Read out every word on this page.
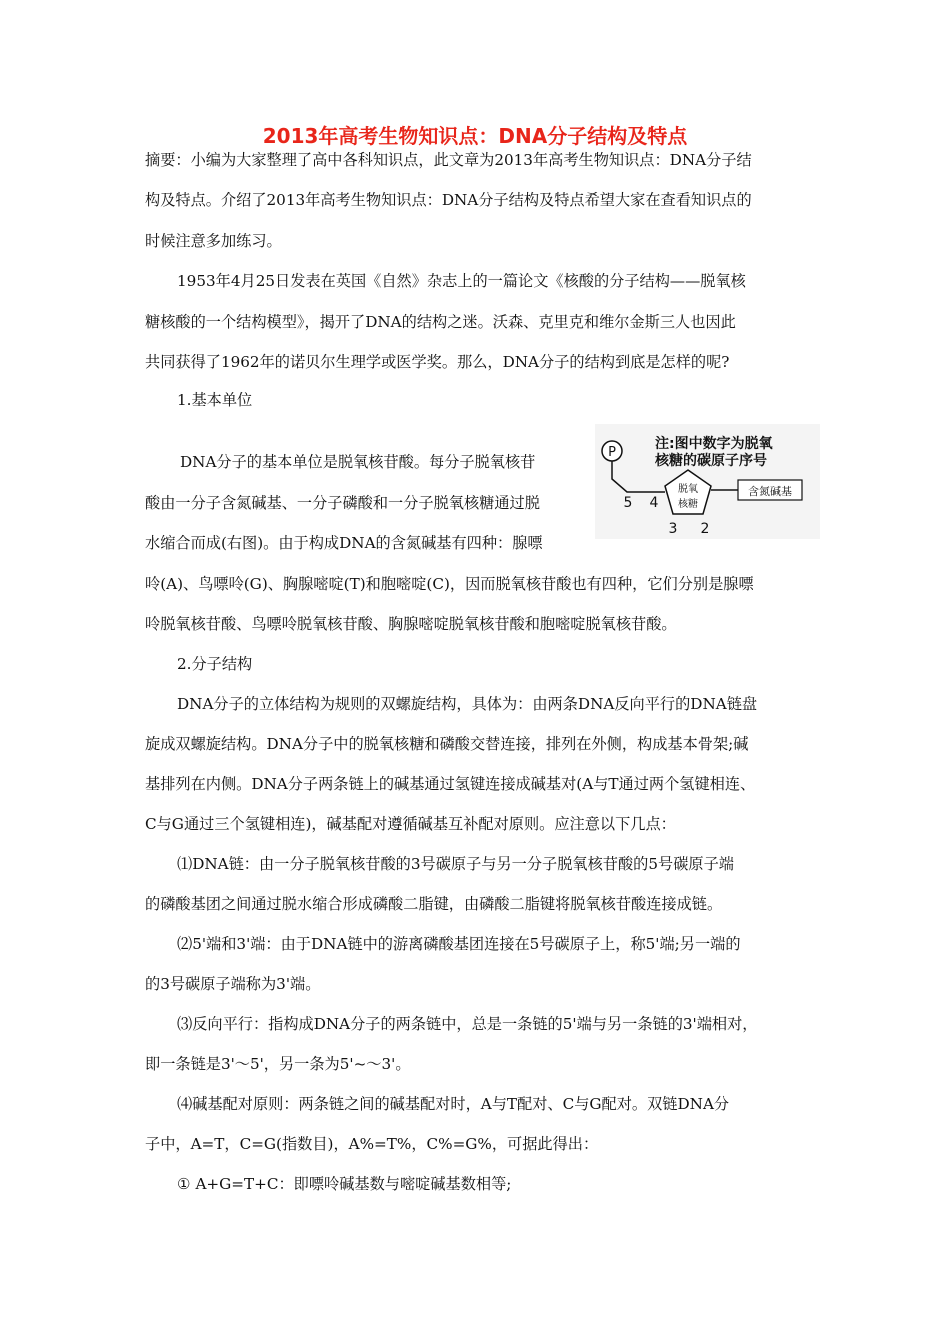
2013年高考生物知识点：DNA分子结构及特点
摘要：小编为大家整理了高中各科知识点，此文章为2013年高考生物知识点：DNA分子结
构及特点。介绍了2013年高考生物知识点：DNA分子结构及特点希望大家在查看知识点的
时候注意多加练习。
1953年4月25日发表在英国《自然》杂志上的一篇论文《核酸的分子结构——脱氧核
糖核酸的一个结构模型》，揭开了DNA的结构之迷。沃森、克里克和维尔金斯三人也因此
共同获得了1962年的诺贝尔生理学或医学奖。那么，DNA分子的结构到底是怎样的呢?
1.基本单位
DNA分子的基本单位是脱氧核苷酸。每分子脱氧核苷
酸由一分子含氮碱基、一分子磷酸和一分子脱氧核糖通过脱
水缩合而成(右图)。由于构成DNA的含氮碱基有四种：腺嘌
呤(A)、鸟嘌呤(G)、胸腺嘧啶(T)和胞嘧啶(C)，因而脱氧核苷酸也有四种，它们分别是腺嘌
呤脱氧核苷酸、鸟嘌呤脱氧核苷酸、胸腺嘧啶脱氧核苷酸和胞嘧啶脱氧核苷酸。
2.分子结构
DNA分子的立体结构为规则的双螺旋结构，具体为：由两条DNA反向平行的DNA链盘
旋成双螺旋结构。DNA分子中的脱氧核糖和磷酸交替连接，排列在外侧，构成基本骨架;碱
基排列在内侧。DNA分子两条链上的碱基通过氢键连接成碱基对(A与T通过两个氢键相连、
C与G通过三个氢键相连)，碱基配对遵循碱基互补配对原则。应注意以下几点：
⑴DNA链：由一分子脱氧核苷酸的3号碳原子与另一分子脱氧核苷酸的5号碳原子端
的磷酸基团之间通过脱水缩合形成磷酸二脂键，由磷酸二脂键将脱氧核苷酸连接成链。
⑵5'端和3'端：由于DNA链中的游离磷酸基团连接在5号碳原子上，称5'端;另一端的
的3号碳原子端称为3'端。
⑶反向平行：指构成DNA分子的两条链中，总是一条链的5'端与另一条链的3'端相对，
即一条链是3'～5'，另一条为5'~～3'。
⑷碱基配对原则：两条链之间的碱基配对时，A与T配对、C与G配对。双链DNA分
子中，A=T，C=G(指数目)，A%=T%，C%=G%，可据此得出：
① A+G=T+C：即嘌呤碱基数与嘧啶碱基数相等;
注:图中数字为脱氧
核糖的碳原子序号
P
脱氧
核糖
含氮碱基
5 4
3 2
